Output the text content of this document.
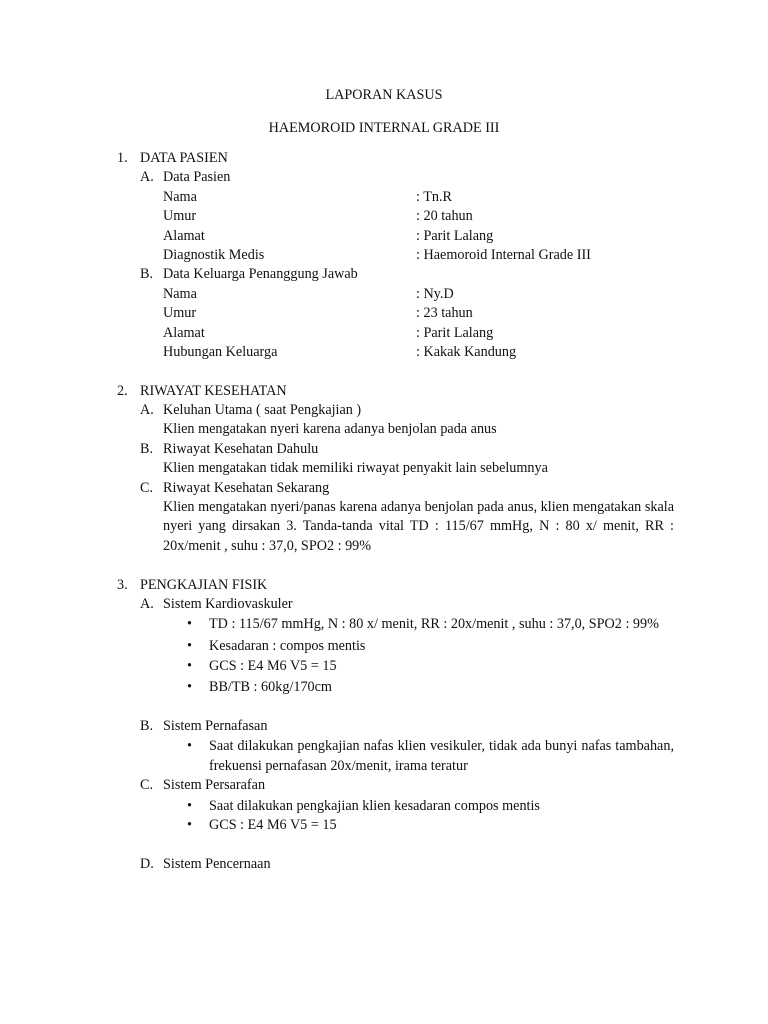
LAPORAN KASUS
HAEMOROID INTERNAL GRADE III
1. DATA PASIEN
A. Data Pasien
Nama	: Tn.R
Umur	: 20 tahun
Alamat	: Parit Lalang
Diagnostik Medis	: Haemoroid Internal Grade III
B. Data Keluarga Penanggung Jawab
Nama	: Ny.D
Umur	: 23 tahun
Alamat	: Parit Lalang
Hubungan Keluarga	: Kakak Kandung
2. RIWAYAT KESEHATAN
A. Keluhan Utama ( saat Pengkajian )
Klien mengatakan nyeri karena adanya benjolan pada anus
B. Riwayat Kesehatan Dahulu
Klien mengatakan tidak memiliki riwayat penyakit lain sebelumnya
C. Riwayat Kesehatan Sekarang
Klien mengatakan nyeri/panas karena adanya benjolan pada anus, klien mengatakan skala nyeri yang dirsakan 3. Tanda-tanda vital TD : 115/67 mmHg, N : 80 x/ menit, RR : 20x/menit , suhu : 37,0, SPO2 : 99%
3. PENGKAJIAN FISIK
A. Sistem Kardiovaskuler
• TD : 115/67 mmHg, N : 80 x/ menit, RR : 20x/menit , suhu : 37,0, SPO2 : 99%
• Kesadaran : compos mentis
• GCS : E4 M6 V5 = 15
• BB/TB : 60kg/170cm
B. Sistem Pernafasan
• Saat dilakukan pengkajian nafas klien vesikuler, tidak ada bunyi nafas tambahan, frekuensi pernafasan 20x/menit, irama teratur
C. Sistem Persarafan
• Saat dilakukan pengkajian klien kesadaran compos mentis
• GCS : E4 M6 V5 = 15
D. Sistem Pencernaan
